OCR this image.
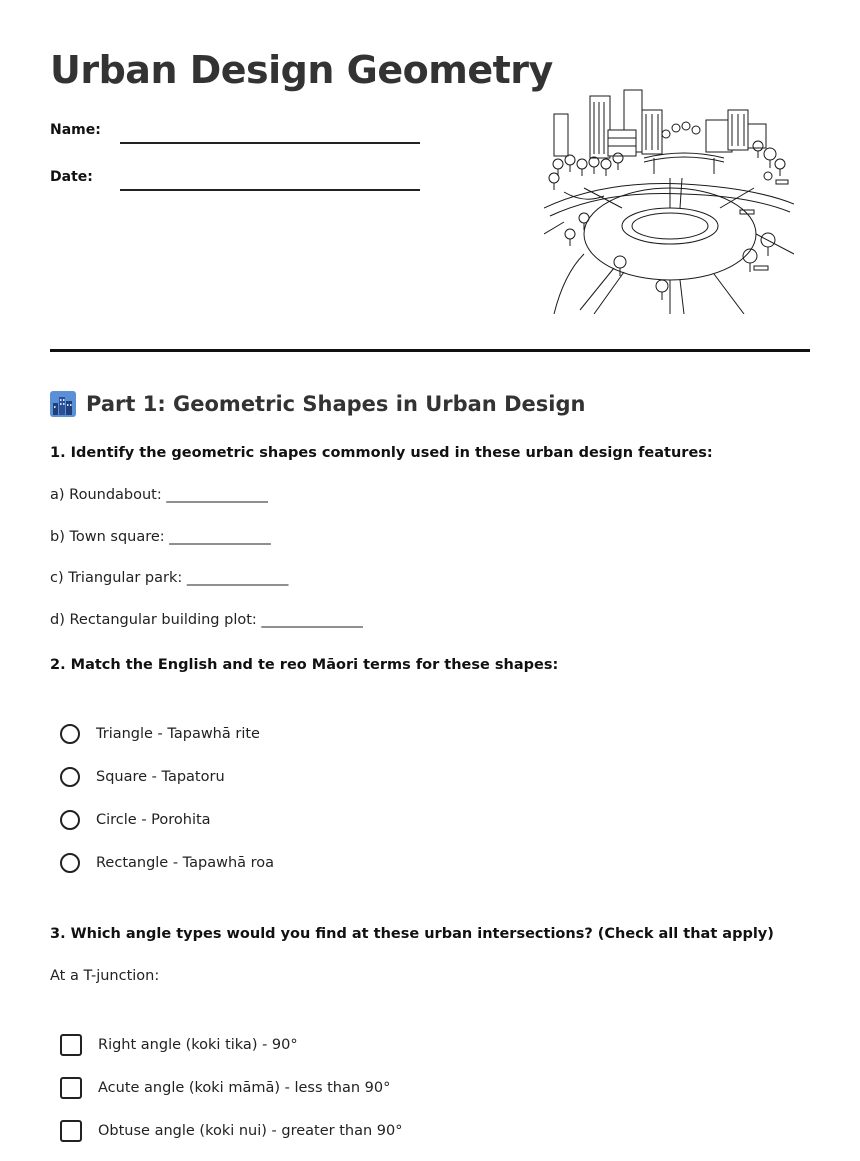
Urban Design Geometry
Name:
Date:
Part 1: Geometric Shapes in Urban Design
1. Identify the geometric shapes commonly used in these urban design features:
a) Roundabout: ______________
b) Town square: ______________
c) Triangular park: ______________
d) Rectangular building plot: ______________
2. Match the English and te reo Māori terms for these shapes:
Triangle - Tapawhā rite
Square - Tapatoru
Circle - Porohita
Rectangle - Tapawhā roa
3. Which angle types would you find at these urban intersections? (Check all that apply)
At a T-junction:
Right angle (koki tika) - 90°
Acute angle (koki māmā) - less than 90°
Obtuse angle (koki nui) - greater than 90°
